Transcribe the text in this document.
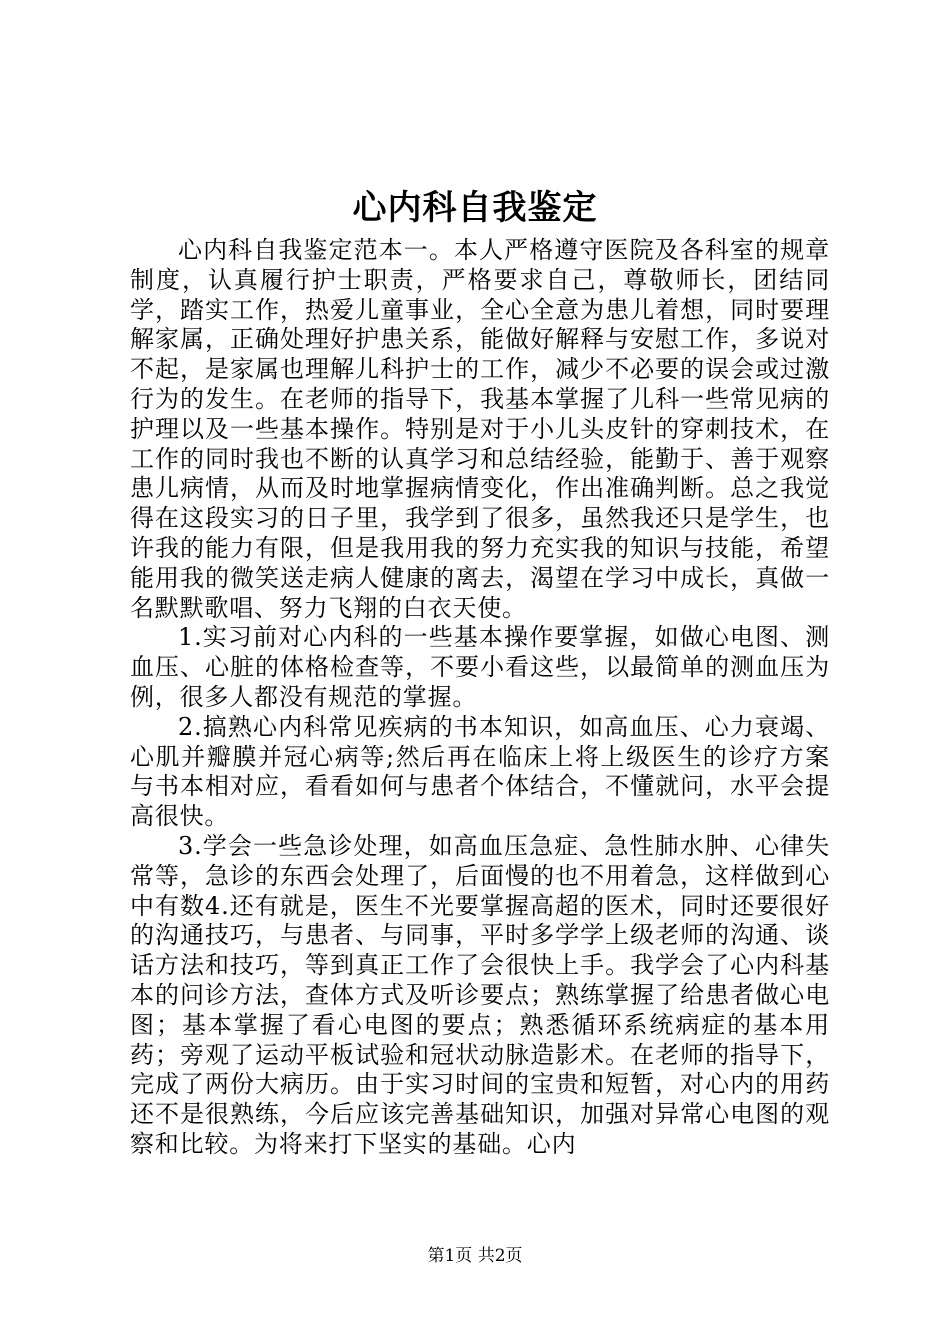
心内科自我鉴定

心内科自我鉴定范本一。本人严格遵守医院及各科室的规章制度，认真履行护士职责，严格要求自己，尊敬师长，团结同学，踏实工作，热爱儿童事业，全心全意为患儿着想，同时要理解家属，正确处理好护患关系，能做好解释与安慰工作，多说对不起，是家属也理解儿科护士的工作，减少不必要的误会或过激行为的发生。在老师的指导下，我基本掌握了儿科一些常见病的护理以及一些基本操作。特别是对于小儿头皮针的穿刺技术，在工作的同时我也不断的认真学习和总结经验，能勤于、善于观察患儿病情，从而及时地掌握病情变化，作出准确判断。总之我觉得在这段实习的日子里，我学到了很多，虽然我还只是学生，也许我的能力有限，但是我用我的努力充实我的知识与技能，希望能用我的微笑送走病人健康的离去，渴望在学习中成长，真做一名默默歌唱、努力飞翔的白衣天使。

1.实习前对心内科的一些基本操作要掌握，如做心电图、测血压、心脏的体格检查等，不要小看这些，以最简单的测血压为例，很多人都没有规范的掌握。

2.搞熟心内科常见疾病的书本知识，如高血压、心力衰竭、心肌并瓣膜并冠心病等;然后再在临床上将上级医生的诊疗方案与书本相对应，看看如何与患者个体结合，不懂就问，水平会提高很快。

3.学会一些急诊处理，如高血压急症、急性肺水肿、心律失常等，急诊的东西会处理了，后面慢的也不用着急，这样做到心中有数4.还有就是，医生不光要掌握高超的医术，同时还要很好的沟通技巧，与患者、与同事，平时多学学上级老师的沟通、谈话方法和技巧，等到真正工作了会很快上手。我学会了心内科基本的问诊方法，查体方式及听诊要点；熟练掌握了给患者做心电图；基本掌握了看心电图的要点；熟悉循环系统病症的基本用药；旁观了运动平板试验和冠状动脉造影术。在老师的指导下，完成了两份大病历。由于实习时间的宝贵和短暂，对心内的用药还不是很熟练，今后应该完善基础知识，加强对异常心电图的观察和比较。为将来打下坚实的基础。心内

第1页 共2页
